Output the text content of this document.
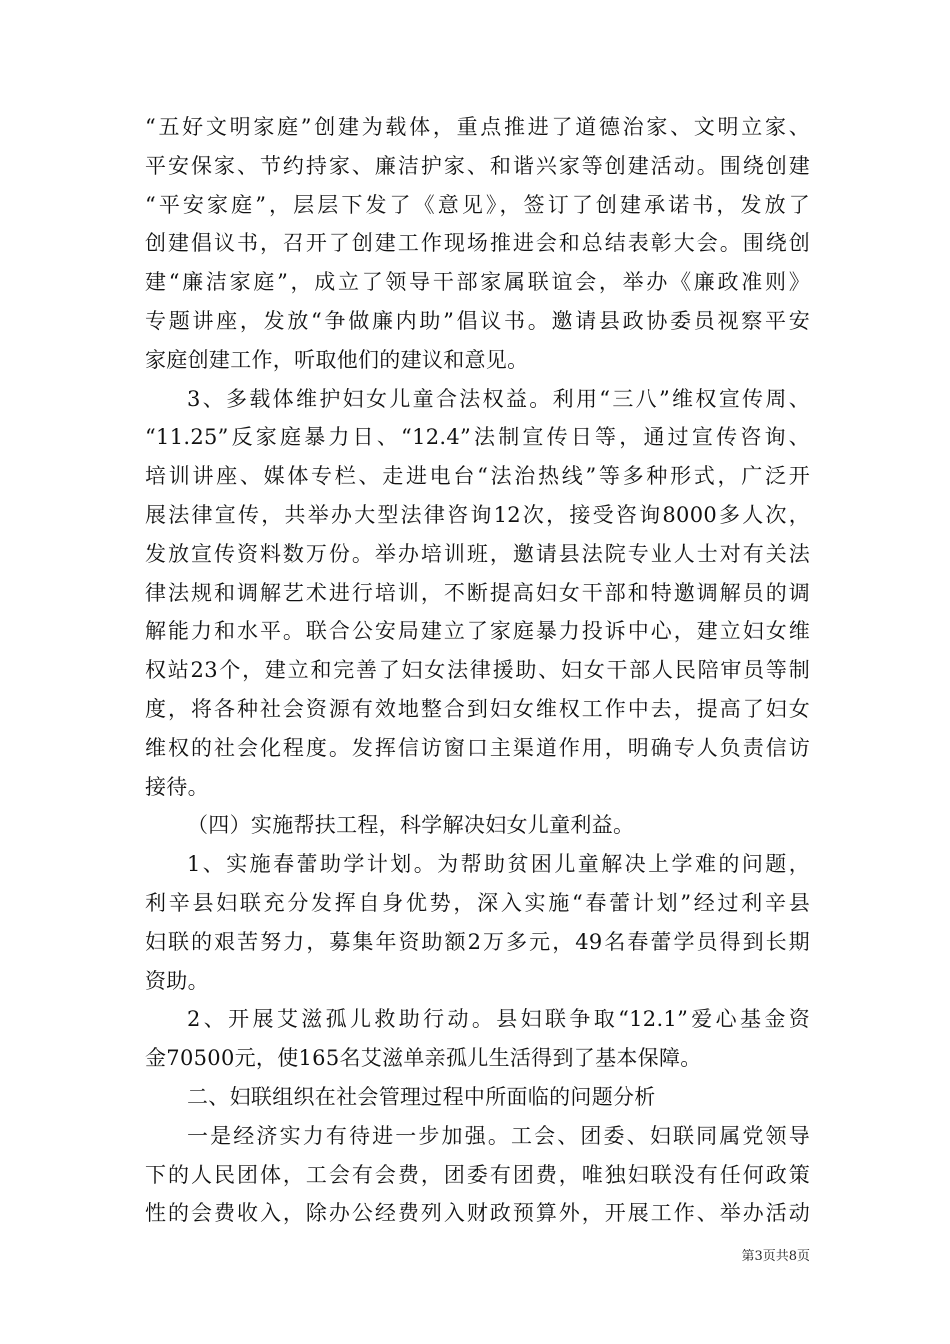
“五好文明家庭”创建为载体，重点推进了道德治家、文明立家、
平安保家、节约持家、廉洁护家、和谐兴家等创建活动。围绕创建
“平安家庭”，层层下发了《意见》，签订了创建承诺书，发放了
创建倡议书，召开了创建工作现场推进会和总结表彰大会。围绕创
建“廉洁家庭”，成立了领导干部家属联谊会，举办《廉政准则》
专题讲座，发放“争做廉内助”倡议书。邀请县政协委员视察平安
家庭创建工作，听取他们的建议和意见。
3、多载体维护妇女儿童合法权益。利用“三八”维权宣传周、
“11.25”反家庭暴力日、“12.4”法制宣传日等，通过宣传咨询、
培训讲座、媒体专栏、走进电台“法治热线”等多种形式，广泛开
展法律宣传，共举办大型法律咨询12次，接受咨询8000多人次，
发放宣传资料数万份。举办培训班，邀请县法院专业人士对有关法
律法规和调解艺术进行培训，不断提高妇女干部和特邀调解员的调
解能力和水平。联合公安局建立了家庭暴力投诉中心，建立妇女维
权站23个，建立和完善了妇女法律援助、妇女干部人民陪审员等制
度，将各种社会资源有效地整合到妇女维权工作中去，提高了妇女
维权的社会化程度。发挥信访窗口主渠道作用，明确专人负责信访
接待。
（四）实施帮扶工程，科学解决妇女儿童利益。
1、实施春蕾助学计划。为帮助贫困儿童解决上学难的问题，
利辛县妇联充分发挥自身优势，深入实施“春蕾计划”经过利辛县
妇联的艰苦努力，募集年资助额2万多元，49名春蕾学员得到长期
资助。
2、开展艾滋孤儿救助行动。县妇联争取“12.1”爱心基金资
金70500元，使165名艾滋单亲孤儿生活得到了基本保障。
二、妇联组织在社会管理过程中所面临的问题分析
一是经济实力有待进一步加强。工会、团委、妇联同属党领导
下的人民团体，工会有会费，团委有团费，唯独妇联没有任何政策
性的会费收入，除办公经费列入财政预算外，开展工作、举办活动
第3页共8页
